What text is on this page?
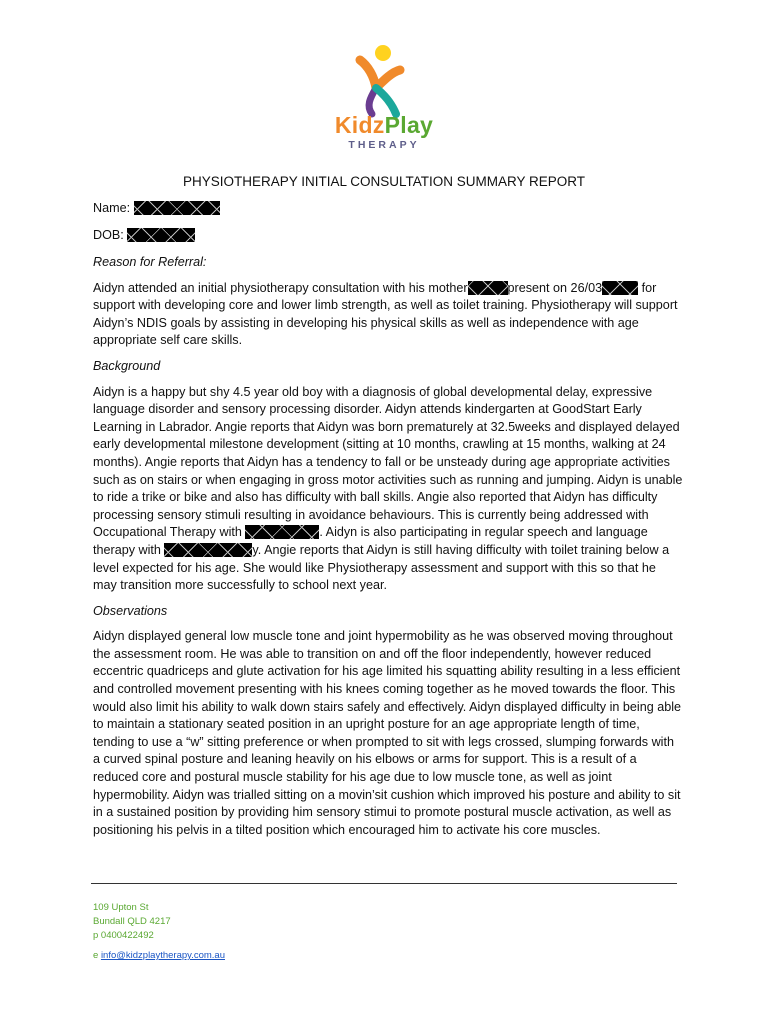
KidzPlay
THERAPY
PHYSIOTHERAPY INITIAL CONSULTATION SUMMARY REPORT
Name:
DOB:
Reason for Referral:

Aidyn attended an initial physiotherapy consultation with his mother	present on 26/03	for support with developing core and lower limb strength, as well as toilet training. Physiotherapy will support Aidyn’s NDIS goals by assisting in developing his physical skills as well as independence with age appropriate self care skills.

Background

Aidyn is a happy but shy 4.5 year old boy with a diagnosis of global developmental delay, expressive language disorder and sensory processing disorder. Aidyn attends kindergarten at GoodStart Early Learning in Labrador. Angie reports that Aidyn was born prematurely at 32.5weeks and displayed delayed early developmental milestone development (sitting at 10 months, crawling at 15 months, walking at 24 months). Angie reports that Aidyn has a tendency to fall or be unsteady during age appropriate activities such as on stairs or when engaging in gross motor activities such as running and jumping. Aidyn is unable to ride a trike or bike and also has difficulty with ball skills. Angie also reported that Aidyn has difficulty processing sensory stimuli resulting in avoidance behaviours. This is currently being addressed with Occupational Therapy with	. Aidyn is also participating in regular speech and language therapy with	y. Angie reports that Aidyn is still having difficulty with toilet training below a level expected for his age. She would like Physiotherapy assessment and support with this so that he may transition more successfully to school next year.

Observations

Aidyn displayed general low muscle tone and joint hypermobility as he was observed moving throughout the assessment room. He was able to transition on and off the floor independently, however reduced eccentric quadriceps and glute activation for his age limited his squatting ability resulting in a less efficient and controlled movement presenting with his knees coming together as he moved towards the floor. This would also limit his ability to walk down stairs safely and effectively. Aidyn displayed difficulty in being able to maintain a stationary seated position in an upright posture for an age appropriate length of time, tending to use a “w” sitting preference or when prompted to sit with legs crossed, slumping forwards with a curved spinal posture and leaning heavily on his elbows or arms for support. This is a result of a reduced core and postural muscle stability for his age due to low muscle tone, as well as joint hypermobility. Aidyn was trialled sitting on a movin’sit cushion which improved his posture and ability to sit in a sustained position by providing him sensory stimui to promote postural muscle activation, as well as positioning his pelvis in a tilted position which encouraged him to activate his core muscles.

109 Upton St
Bundall QLD 4217
p 0400422492
e info@kidzplaytherapy.com.au
